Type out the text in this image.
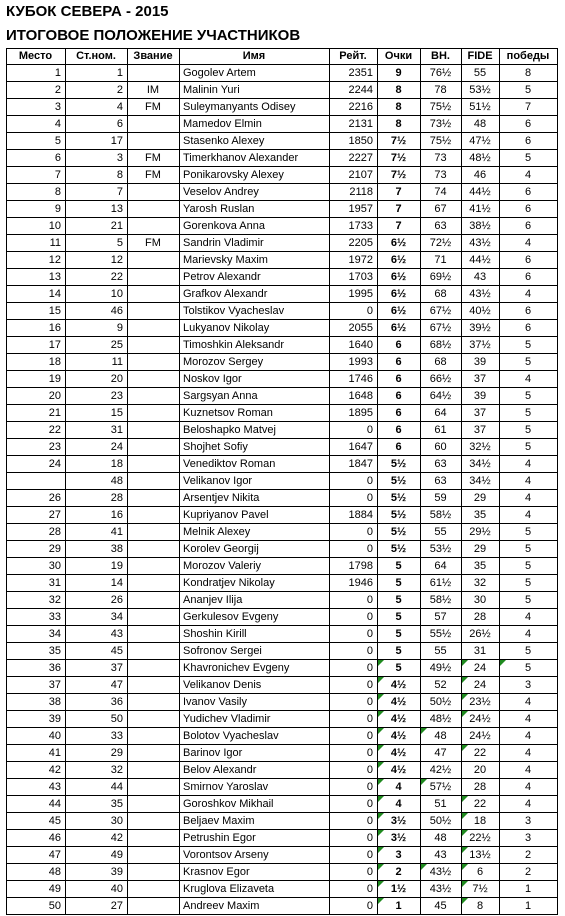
КУБОК СЕВЕРА - 2015
ИТОГОВОЕ ПОЛОЖЕНИЕ УЧАСТНИКОВ
Место	Ст.ном.	Звание	Имя	Рейт.	Очки	ВН.	FIDE	победы
1	1		Gogolev Artem	2351	9	76½	55	8
2	2	IM	Malinin Yuri	2244	8	78	53½	5
3	4	FM	Suleymanyants Odisey	2216	8	75½	51½	7
4	6		Mamedov Elmin	2131	8	73½	48	6
5	17		Stasenko Alexey	1850	7½	75½	47½	6
6	3	FM	Timerkhanov Alexander	2227	7½	73	48½	5
7	8	FM	Ponikarovsky Alexey	2107	7½	73	46	4
8	7		Veselov Andrey	2118	7	74	44½	6
9	13		Yarosh Ruslan	1957	7	67	41½	6
10	21		Gorenkova Anna	1733	7	63	38½	6
11	5	FM	Sandrin Vladimir	2205	6½	72½	43½	4
12	12		Marievsky Maxim	1972	6½	71	44½	6
13	22		Petrov Alexandr	1703	6½	69½	43	6
14	10		Grafkov Alexandr	1995	6½	68	43½	4
15	46		Tolstikov Vyacheslav	0	6½	67½	40½	6
16	9		Lukyanov Nikolay	2055	6½	67½	39½	6
17	25		Timoshkin Aleksandr	1640	6	68½	37½	5
18	11		Morozov Sergey	1993	6	68	39	5
19	20		Noskov Igor	1746	6	66½	37	4
20	23		Sargsyan Anna	1648	6	64½	39	5
21	15		Kuznetsov Roman	1895	6	64	37	5
22	31		Beloshapko Matvej	0	6	61	37	5
23	24		Shojhet Sofiy	1647	6	60	32½	5
24	18		Venediktov Roman	1847	5½	63	34½	4
	48		Velikanov Igor	0	5½	63	34½	4
26	28		Arsentjev Nikita	0	5½	59	29	4
27	16		Kupriyanov Pavel	1884	5½	58½	35	4
28	41		Melnik Alexey	0	5½	55	29½	5
29	38		Korolev Georgij	0	5½	53½	29	5
30	19		Morozov Valeriy	1798	5	64	35	5
31	14		Kondratjev Nikolay	1946	5	61½	32	5
32	26		Ananjev Ilija	0	5	58½	30	5
33	34		Gerkulesov Evgeny	0	5	57	28	4
34	43		Shoshin Kirill	0	5	55½	26½	4
35	45		Sofronov Sergei	0	5	55	31	5
36	37		Khavronichev Evgeny	0	5	49½	24	5
37	47		Velikanov Denis	0	4½	52	24	3
38	36		Ivanov Vasily	0	4½	50½	23½	4
39	50		Yudichev Vladimir	0	4½	48½	24½	4
40	33		Bolotov Vyacheslav	0	4½	48	24½	4
41	29		Barinov Igor	0	4½	47	22	4
42	32		Belov Alexandr	0	4½	42½	20	4
43	44		Smirnov Yaroslav	0	4	57½	28	4
44	35		Goroshkov Mikhail	0	4	51	22	4
45	30		Beljaev Maxim	0	3½	50½	18	3
46	42		Petrushin Egor	0	3½	48	22½	3
47	49		Vorontsov Arseny	0	3	43	13½	2
48	39		Krasnov Egor	0	2	43½	6	2
49	40		Kruglova Elizaveta	0	1½	43½	7½	1
50	27		Andreev Maxim	0	1	45	8	1
